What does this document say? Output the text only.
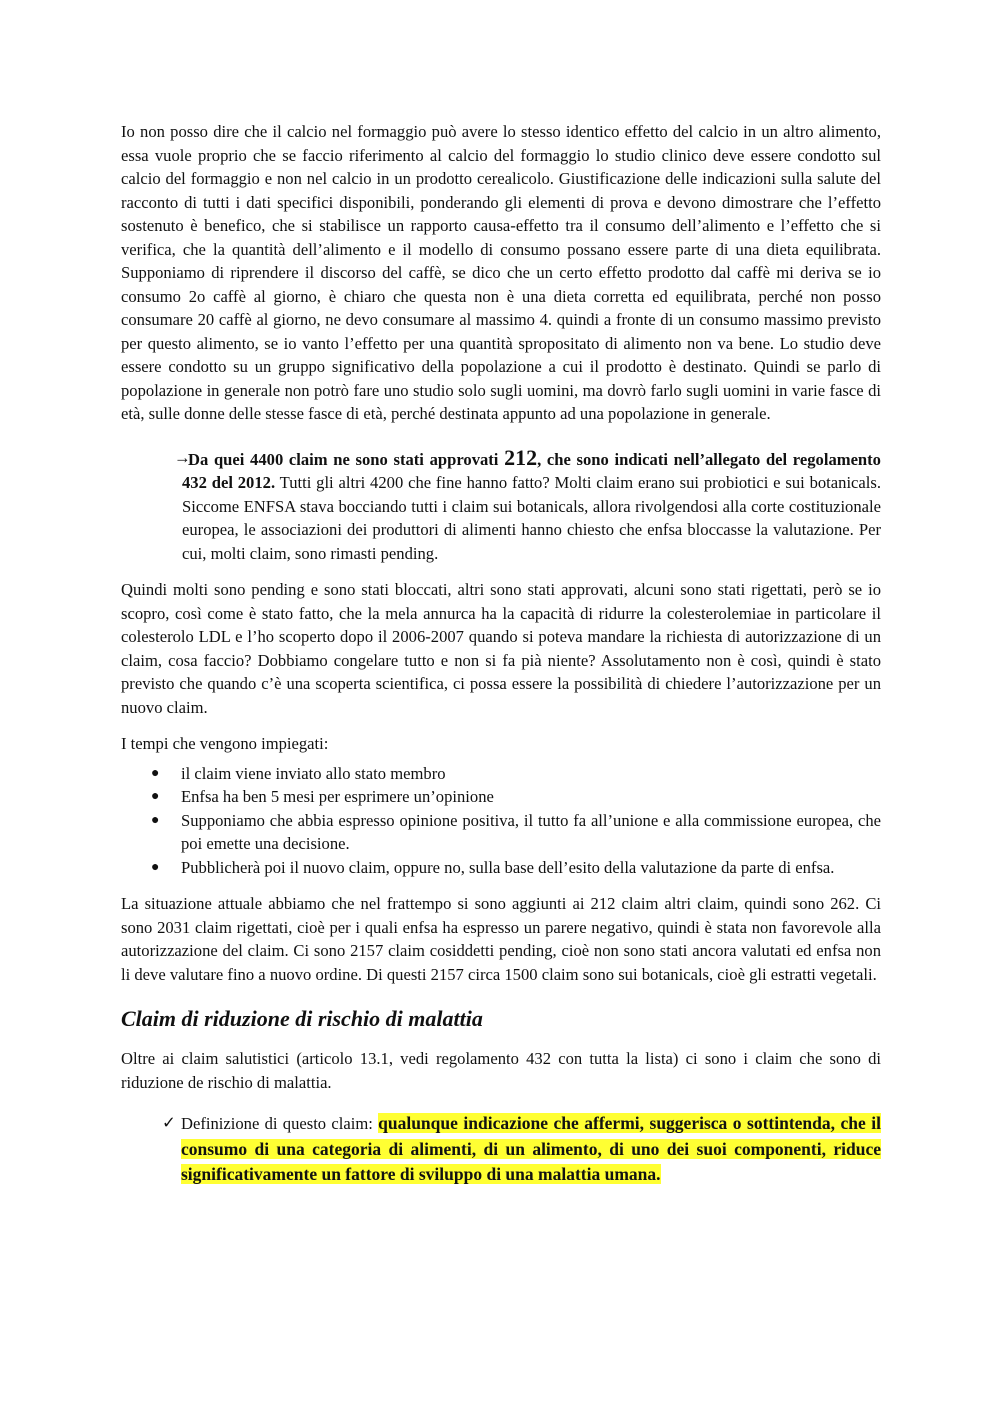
Io non posso dire che il calcio nel formaggio può avere lo stesso identico effetto del calcio in un altro alimento, essa vuole proprio che se faccio riferimento al calcio del formaggio lo studio clinico deve essere condotto sul calcio del formaggio e non nel calcio in un prodotto cerealicolo. Giustificazione delle indicazioni sulla salute del racconto di tutti i dati specifici disponibili, ponderando gli elementi di prova e devono dimostrare che l’effetto sostenuto è benefico, che si stabilisce un rapporto causa-effetto tra il consumo dell’alimento e l’effetto che si verifica, che la quantità dell’alimento e il modello di consumo possano essere parte di una dieta equilibrata. Supponiamo di riprendere il discorso del caffè, se dico che un certo effetto prodotto dal caffè mi deriva se io consumo 2o caffè al giorno, è chiaro che questa non è una dieta corretta ed equilibrata, perché non posso consumare 20 caffè al giorno, ne devo consumare al massimo 4. quindi a fronte di un consumo massimo previsto per questo alimento, se io vanto l’effetto per una quantità spropositato di alimento non va bene. Lo studio deve essere condotto su un gruppo significativo della popolazione a cui il prodotto è destinato. Quindi se parlo di popolazione in generale non potrò fare uno studio solo sugli uomini, ma dovrò farlo sugli uomini in varie fasce di età, sulle donne delle stesse fasce di età, perché destinata appunto ad una popolazione in generale.

→
Da quei 4400 claim ne sono stati approvati 212, che sono indicati nell’allegato del regolamento 432 del 2012. Tutti gli altri 4200 che fine hanno fatto? Molti claim erano sui probiotici e sui botanicals. Siccome ENFSA stava bocciando tutti i claim sui botanicals, allora rivolgendosi alla corte costituzionale europea, le associazioni dei produttori di alimenti hanno chiesto che enfsa bloccasse la valutazione. Per cui, molti claim, sono rimasti pending.

Quindi molti sono pending e sono stati bloccati, altri sono stati approvati, alcuni sono stati rigettati, però se io scopro, così come è stato fatto, che la mela annurca ha la capacità di ridurre la colesterolemiae in particolare il colesterolo LDL e l’ho scoperto dopo il 2006-2007 quando si poteva mandare la richiesta di autorizzazione di un claim, cosa faccio? Dobbiamo congelare tutto e non si fa pià niente? Assolutamento non è così, quindi è stato previsto che quando c’è una scoperta scientifica, ci possa essere la possibilità di chiedere l’autorizzazione per un nuovo claim.

I tempi che vengono impiegati:

● il claim viene inviato allo stato membro
● Enfsa ha ben 5 mesi per esprimere un’opinione
● Supponiamo che abbia espresso opinione positiva, il tutto fa all’unione e alla commissione europea, che poi emette una decisione.
● Pubblicherà poi il nuovo claim, oppure no, sulla base dell’esito della valutazione da parte di enfsa.

La situazione attuale abbiamo che nel frattempo si sono aggiunti ai 212 claim altri claim, quindi sono 262. Ci sono 2031 claim rigettati, cioè per i quali enfsa ha espresso un parere negativo, quindi è stata non favorevole alla autorizzazione del claim. Ci sono 2157 claim cosiddetti pending, cioè non sono stati ancora valutati ed enfsa non li deve valutare fino a nuovo ordine. Di questi 2157 circa 1500 claim sono sui botanicals, cioè gli estratti vegetali.

Claim di riduzione di rischio di malattia

Oltre ai claim salutistici (articolo 13.1, vedi regolamento 432 con tutta la lista) ci sono i claim che sono di riduzione de rischio di malattia.

✓ Definizione di questo claim: qualunque indicazione che affermi, suggerisca o sottintenda, che il consumo di una categoria di alimenti, di un alimento, di uno dei suoi componenti, riduce significativamente un fattore di sviluppo di una malattia umana.
